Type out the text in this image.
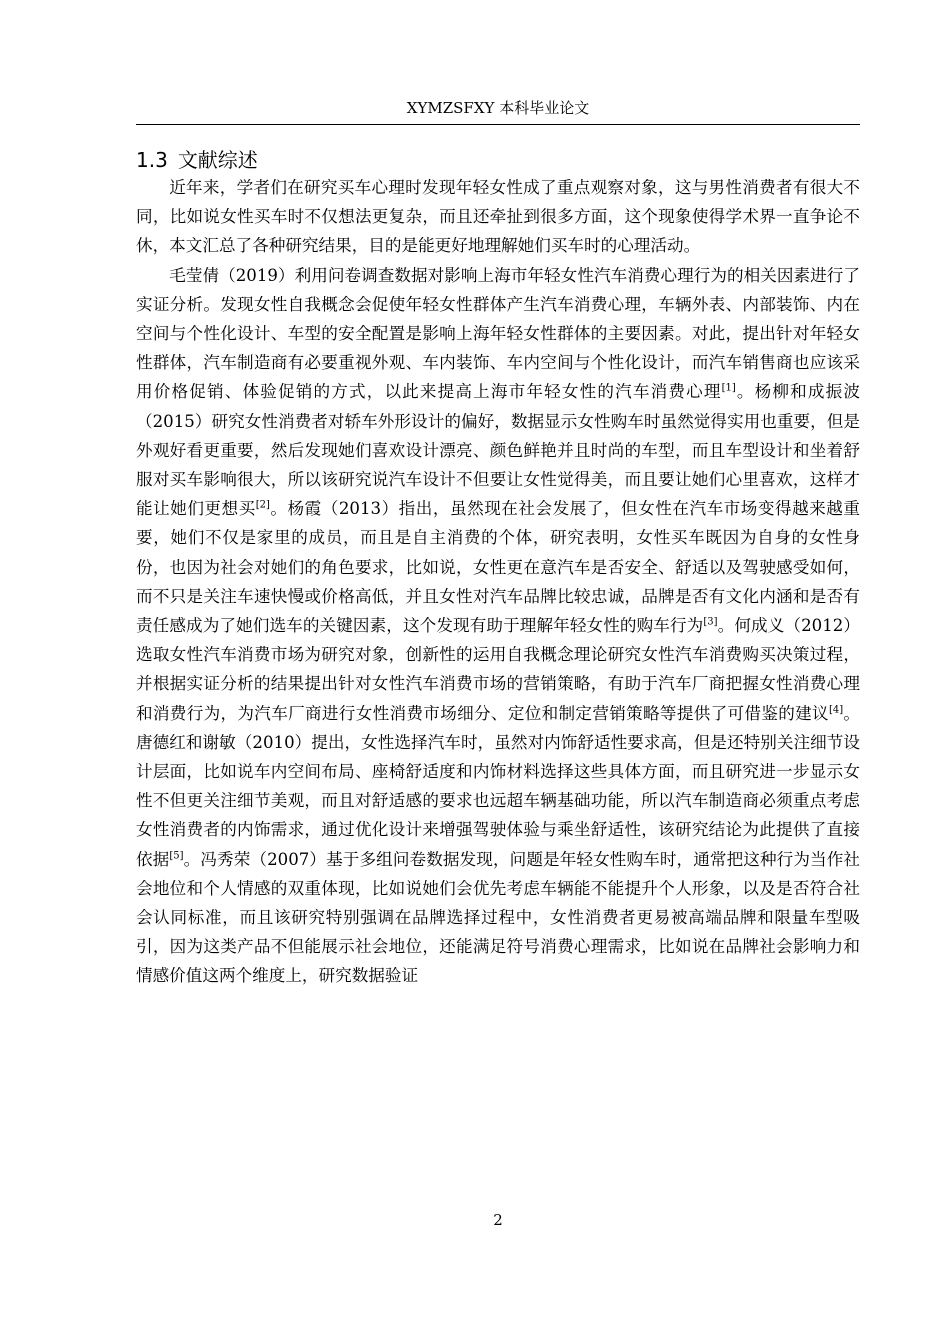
XYMZSFXY 本科毕业论文
1.3 文献综述

近年来，学者们在研究买车心理时发现年轻女性成了重点观察对象，这与男性消费者有很大不同，比如说女性买车时不仅想法更复杂，而且还牵扯到很多方面，这个现象使得学术界一直争论不休，本文汇总了各种研究结果，目的是能更好地理解她们买车时的心理活动。

毛莹倩（2019）利用问卷调查数据对影响上海市年轻女性汽车消费心理行为的相关因素进行了实证分析。发现女性自我概念会促使年轻女性群体产生汽车消费心理，车辆外表、内部装饰、内在空间与个性化设计、车型的安全配置是影响上海年轻女性群体的主要因素。对此，提出针对年轻女性群体，汽车制造商有必要重视外观、车内装饰、车内空间与个性化设计，而汽车销售商也应该采用价格促销、体验促销的方式，以此来提高上海市年轻女性的汽车消费心理[1]。杨柳和成振波（2015）研究女性消费者对轿车外形设计的偏好，数据显示女性购车时虽然觉得实用也重要，但是外观好看更重要，然后发现她们喜欢设计漂亮、颜色鲜艳并且时尚的车型，而且车型设计和坐着舒服对买车影响很大，所以该研究说汽车设计不但要让女性觉得美，而且要让她们心里喜欢，这样才能让她们更想买[2]。杨霞（2013）指出，虽然现在社会发展了，但女性在汽车市场变得越来越重要，她们不仅是家里的成员，而且是自主消费的个体，研究表明，女性买车既因为自身的女性身份，也因为社会对她们的角色要求，比如说，女性更在意汽车是否安全、舒适以及驾驶感受如何，而不只是关注车速快慢或价格高低，并且女性对汽车品牌比较忠诚，品牌是否有文化内涵和是否有责任感成为了她们选车的关键因素，这个发现有助于理解年轻女性的购车行为[3]。何成义（2012）选取女性汽车消费市场为研究对象，创新性的运用自我概念理论研究女性汽车消费购买决策过程，并根据实证分析的结果提出针对女性汽车消费市场的营销策略，有助于汽车厂商把握女性消费心理和消费行为，为汽车厂商进行女性消费市场细分、定位和制定营销策略等提供了可借鉴的建议[4]。唐德红和谢敏（2010）提出，女性选择汽车时，虽然对内饰舒适性要求高，但是还特别关注细节设计层面，比如说车内空间布局、座椅舒适度和内饰材料选择这些具体方面，而且研究进一步显示女性不但更关注细节美观，而且对舒适感的要求也远超车辆基础功能，所以汽车制造商必须重点考虑女性消费者的内饰需求，通过优化设计来增强驾驶体验与乘坐舒适性，该研究结论为此提供了直接依据[5]。冯秀荣（2007）基于多组问卷数据发现，问题是年轻女性购车时，通常把这种行为当作社会地位和个人情感的双重体现，比如说她们会优先考虑车辆能不能提升个人形象，以及是否符合社会认同标准，而且该研究特别强调在品牌选择过程中，女性消费者更易被高端品牌和限量车型吸引，因为这类产品不但能展示社会地位，还能满足符号消费心理需求，比如说在品牌社会影响力和情感价值这两个维度上，研究数据验证

2
